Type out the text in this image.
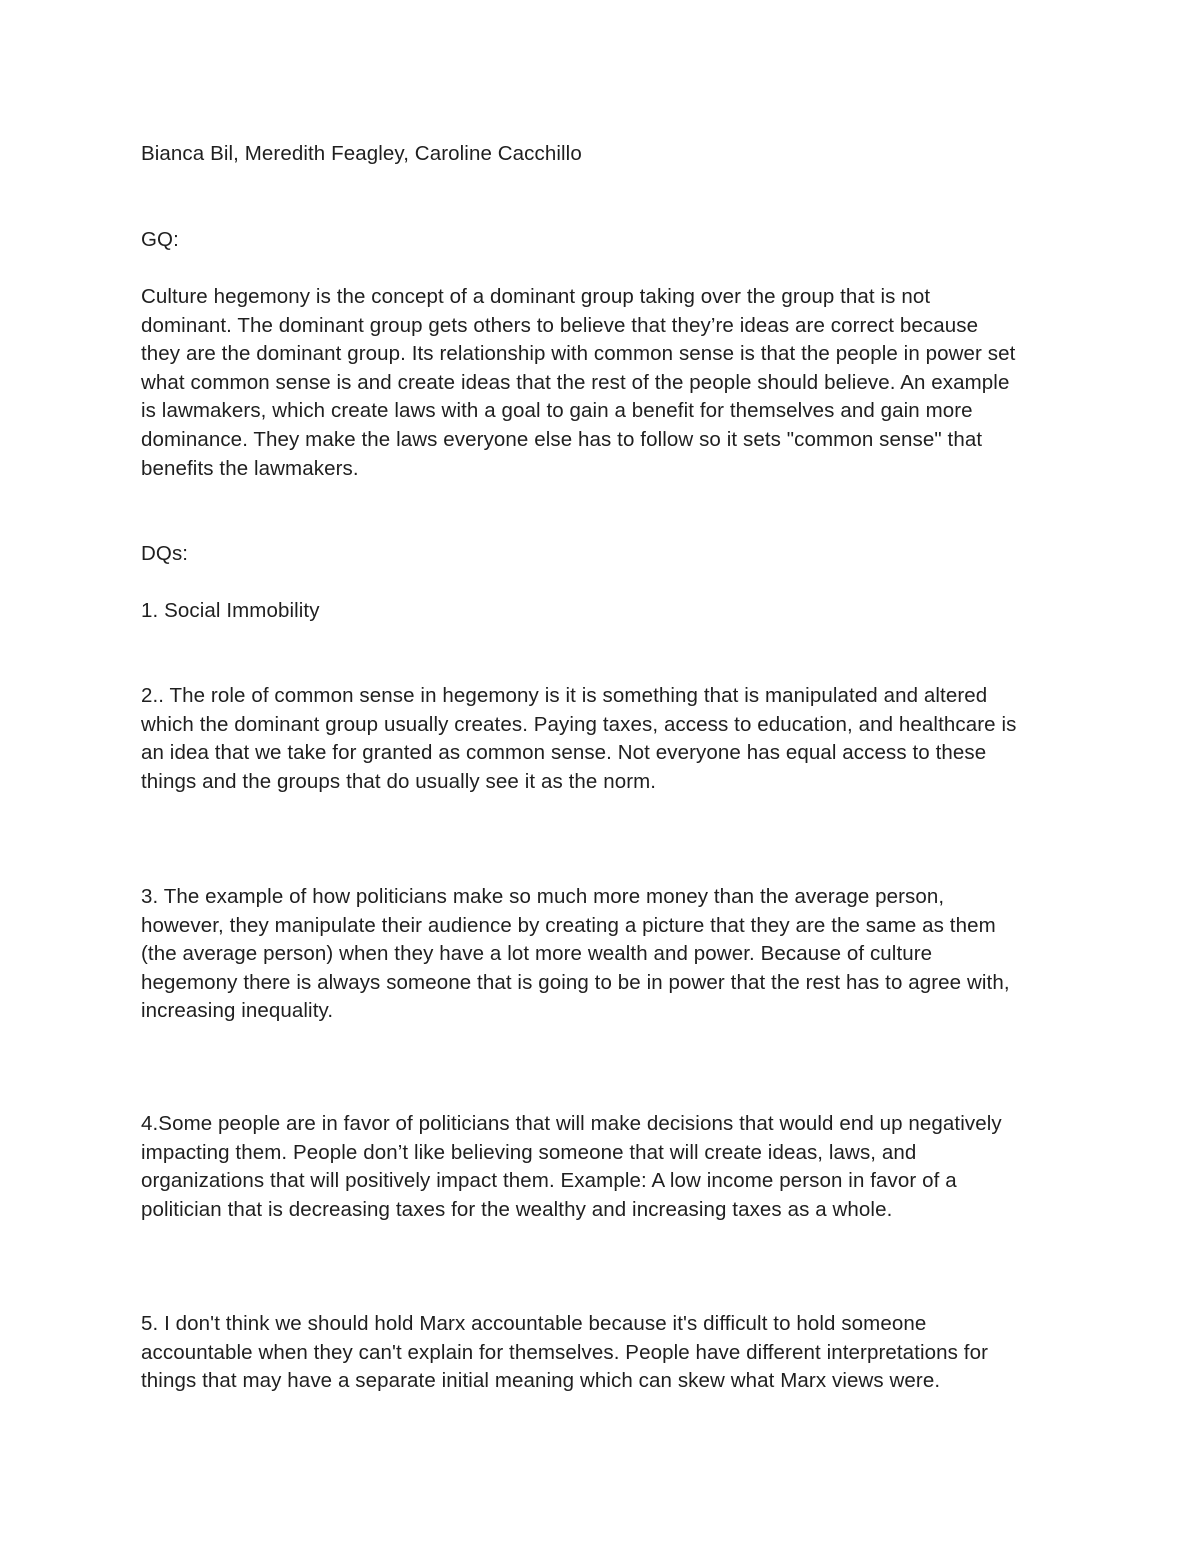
Bianca Bil, Meredith Feagley, Caroline Cacchillo

GQ:

Culture hegemony is the concept of a dominant group taking over the group that is not
dominant. The dominant group gets others to believe that they’re ideas are correct because
they are the dominant group. Its relationship with common sense is that the people in power set
what common sense is and create ideas that the rest of the people should believe. An example
is lawmakers, which create laws with a goal to gain a benefit for themselves and gain more
dominance. They make the laws everyone else has to follow so it sets "common sense" that
benefits the lawmakers.

DQs:

1. Social Immobility

2.. The role of common sense in hegemony is it is something that is manipulated and altered
which the dominant group usually creates. Paying taxes, access to education, and healthcare is
an idea that we take for granted as common sense. Not everyone has equal access to these
things and the groups that do usually see it as the norm.

3. The example of how politicians make so much more money than the average person,
however, they manipulate their audience by creating a picture that they are the same as them
(the average person) when they have a lot more wealth and power. Because of culture
hegemony there is always someone that is going to be in power that the rest has to agree with,
increasing inequality.

4.Some people are in favor of politicians that will make decisions that would end up negatively
impacting them. People don’t like believing someone that will create ideas, laws, and
organizations that will positively impact them. Example: A low income person in favor of a
politician that is decreasing taxes for the wealthy and increasing taxes as a whole.

5. I don't think we should hold Marx accountable because it's difficult to hold someone
accountable when they can't explain for themselves. People have different interpretations for
things that may have a separate initial meaning which can skew what Marx views were.
